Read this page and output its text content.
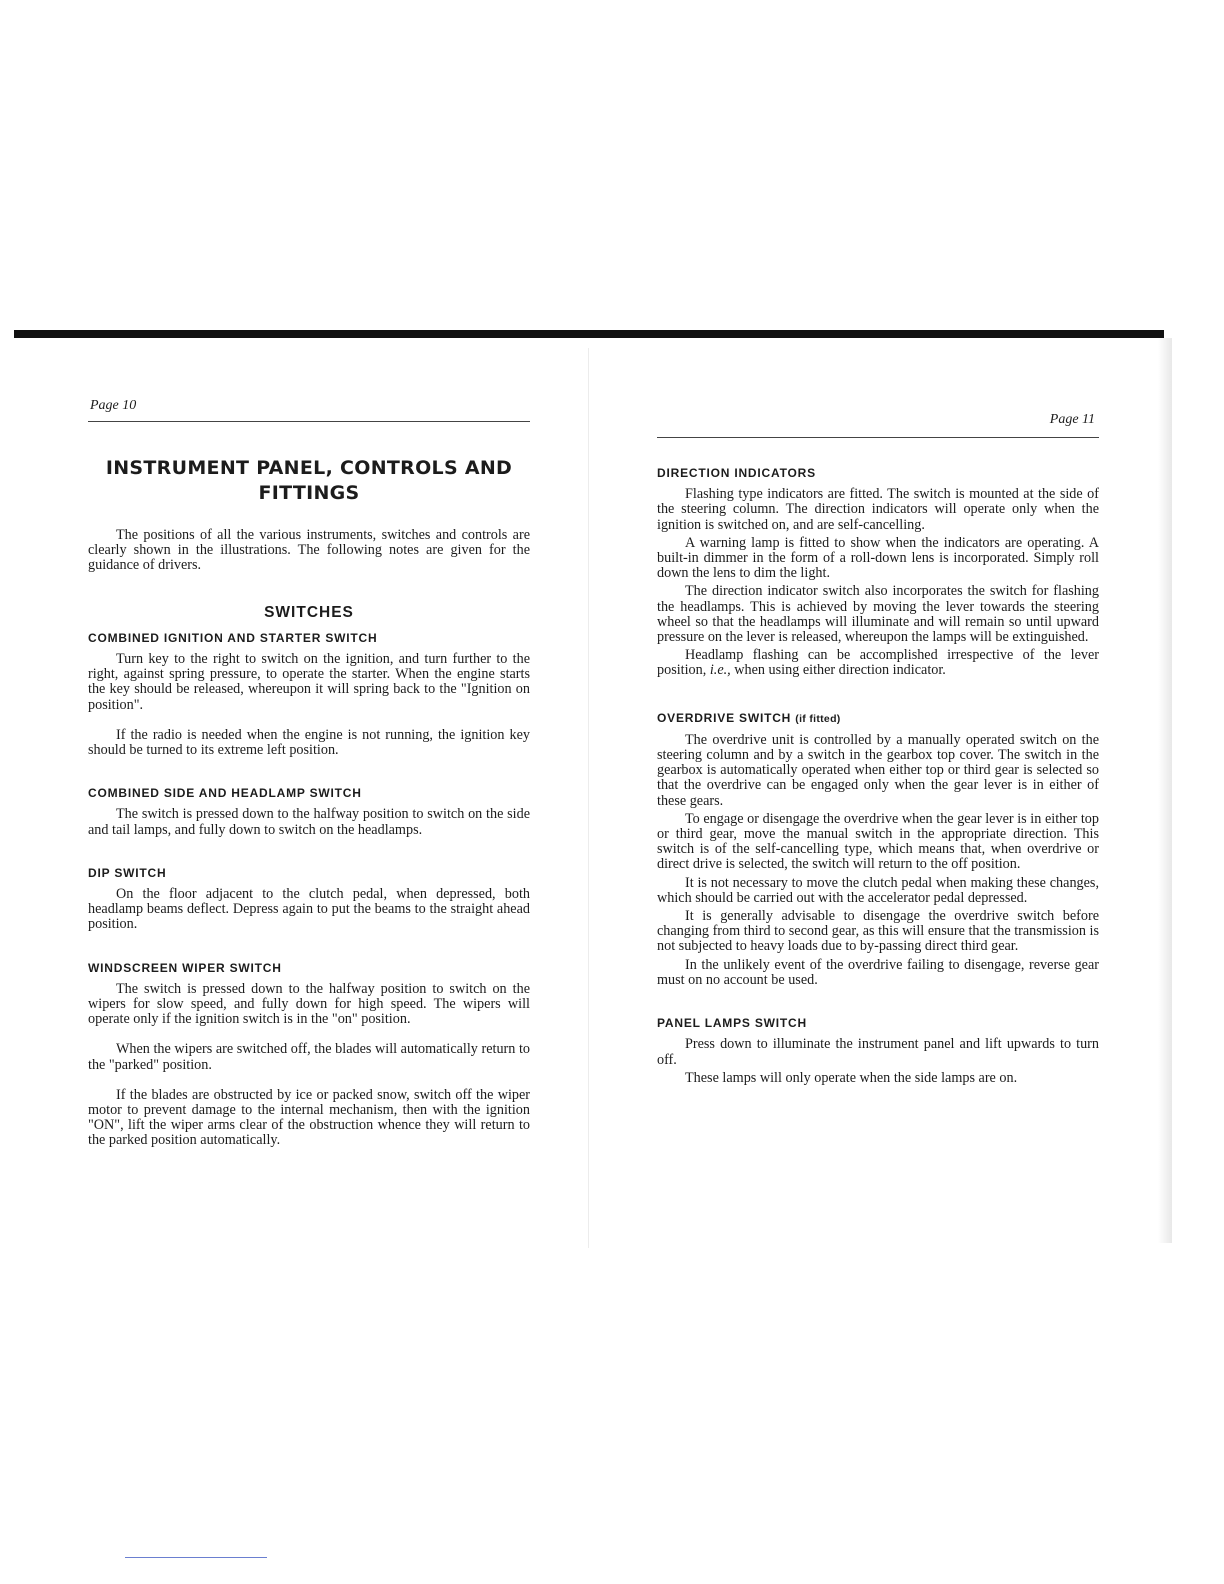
Page 10
INSTRUMENT PANEL, CONTROLS AND FITTINGS

The positions of all the various instruments, switches and controls are clearly shown in the illustrations. The following notes are given for the guidance of drivers.

SWITCHES
COMBINED IGNITION AND STARTER SWITCH

Turn key to the right to switch on the ignition, and turn further to the right, against spring pressure, to operate the starter. When the engine starts the key should be released, whereupon it will spring back to the "Ignition on position".

If the radio is needed when the engine is not running, the ignition key should be turned to its extreme left position.

COMBINED SIDE AND HEADLAMP SWITCH

The switch is pressed down to the halfway position to switch on the side and tail lamps, and fully down to switch on the headlamps.

DIP SWITCH

On the floor adjacent to the clutch pedal, when depressed, both headlamp beams deflect. Depress again to put the beams to the straight ahead position.

WINDSCREEN WIPER SWITCH

The switch is pressed down to the halfway position to switch on the wipers for slow speed, and fully down for high speed. The wipers will operate only if the ignition switch is in the "on" position.

When the wipers are switched off, the blades will automatically return to the "parked" position.

If the blades are obstructed by ice or packed snow, switch off the wiper motor to prevent damage to the internal mechanism, then with the ignition "ON", lift the wiper arms clear of the obstruction whence they will return to the parked position automatically.

Page 11
DIRECTION INDICATORS

Flashing type indicators are fitted. The switch is mounted at the side of the steering column. The direction indicators will operate only when the ignition is switched on, and are self-cancelling.

A warning lamp is fitted to show when the indicators are operating. A built-in dimmer in the form of a roll-down lens is incorporated. Simply roll down the lens to dim the light.

The direction indicator switch also incorporates the switch for flashing the headlamps. This is achieved by moving the lever towards the steering wheel so that the headlamps will illuminate and will remain so until upward pressure on the lever is released, whereupon the lamps will be extinguished.

Headlamp flashing can be accomplished irrespective of the lever position, i.e., when using either direction indicator.

OVERDRIVE SWITCH (if fitted)

The overdrive unit is controlled by a manually operated switch on the steering column and by a switch in the gearbox top cover. The switch in the gearbox is automatically operated when either top or third gear is selected so that the overdrive can be engaged only when the gear lever is in either of these gears.

To engage or disengage the overdrive when the gear lever is in either top or third gear, move the manual switch in the appropriate direction. This switch is of the self-cancelling type, which means that, when overdrive or direct drive is selected, the switch will return to the off position.

It is not necessary to move the clutch pedal when making these changes, which should be carried out with the accelerator pedal depressed.

It is generally advisable to disengage the overdrive switch before changing from third to second gear, as this will ensure that the transmission is not subjected to heavy loads due to by-passing direct third gear.

In the unlikely event of the overdrive failing to disengage, reverse gear must on no account be used.

PANEL LAMPS SWITCH

Press down to illuminate the instrument panel and lift upwards to turn off.

These lamps will only operate when the side lamps are on.
